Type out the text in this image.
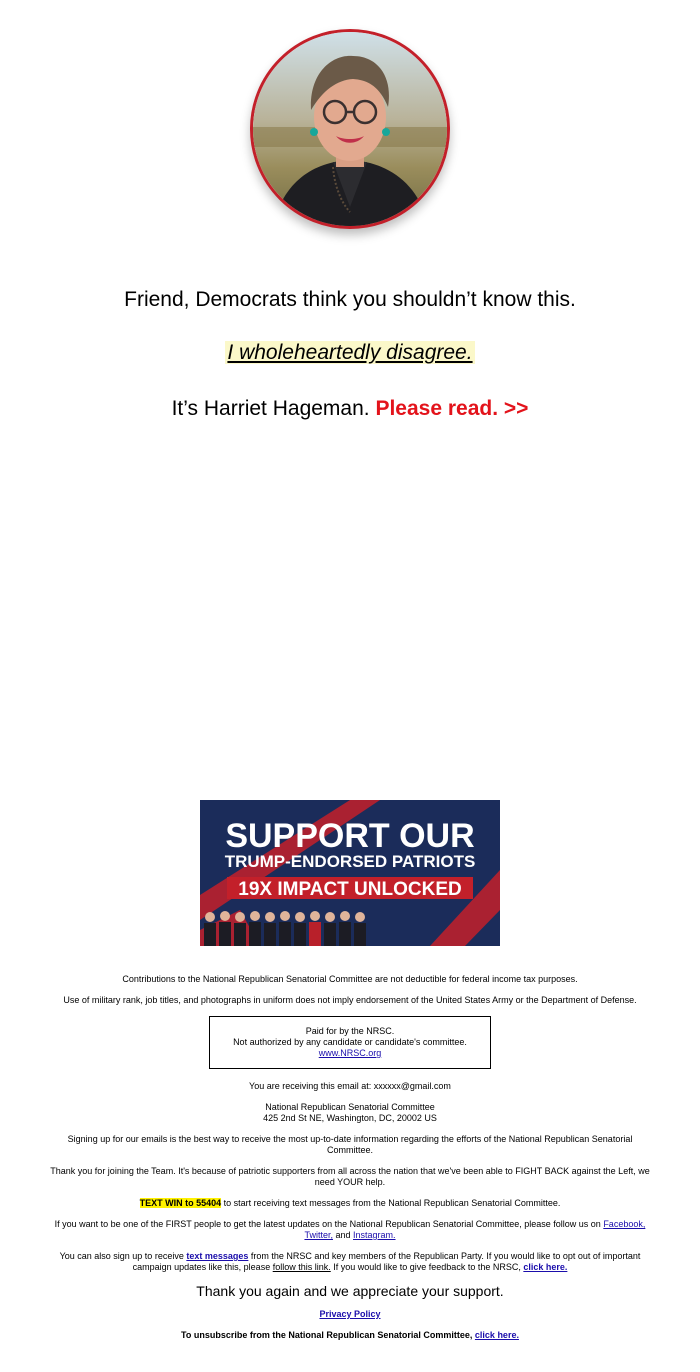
Friend, Democrats think you shouldn’t know this.
I wholeheartedly disagree.
It’s Harriet Hageman. Please read. >>
SUPPORT OUR
TRUMP-ENDORSED PATRIOTS
19X IMPACT UNLOCKED

Contributions to the National Republican Senatorial Committee are not deductible for federal income tax purposes.

Use of military rank, job titles, and photographs in uniform does not imply endorsement of the United States Army or the Department of Defense.

Paid for by the NRSC.
Not authorized by any candidate or candidate's committee.
www.NRSC.org

You are receiving this email at: xxxxxx@gmail.com

National Republican Senatorial Committee
425 2nd St NE, Washington, DC, 20002 US

Signing up for our emails is the best way to receive the most up-to-date information regarding the efforts of the National Republican Senatorial Committee.

Thank you for joining the Team. It's because of patriotic supporters from all across the nation that we've been able to FIGHT BACK against the Left, we need YOUR help.

TEXT WIN to 55404 to start receiving text messages from the National Republican Senatorial Committee.

If you want to be one of the FIRST people to get the latest updates on the National Republican Senatorial Committee, please follow us on Facebook, Twitter, and Instagram.

You can also sign up to receive text messages from the NRSC and key members of the Republican Party. If you would like to opt out of important campaign updates like this, please follow this link. If you would like to give feedback to the NRSC, click here.

Thank you again and we appreciate your support.

Privacy Policy

To unsubscribe from the National Republican Senatorial Committee, click here.
